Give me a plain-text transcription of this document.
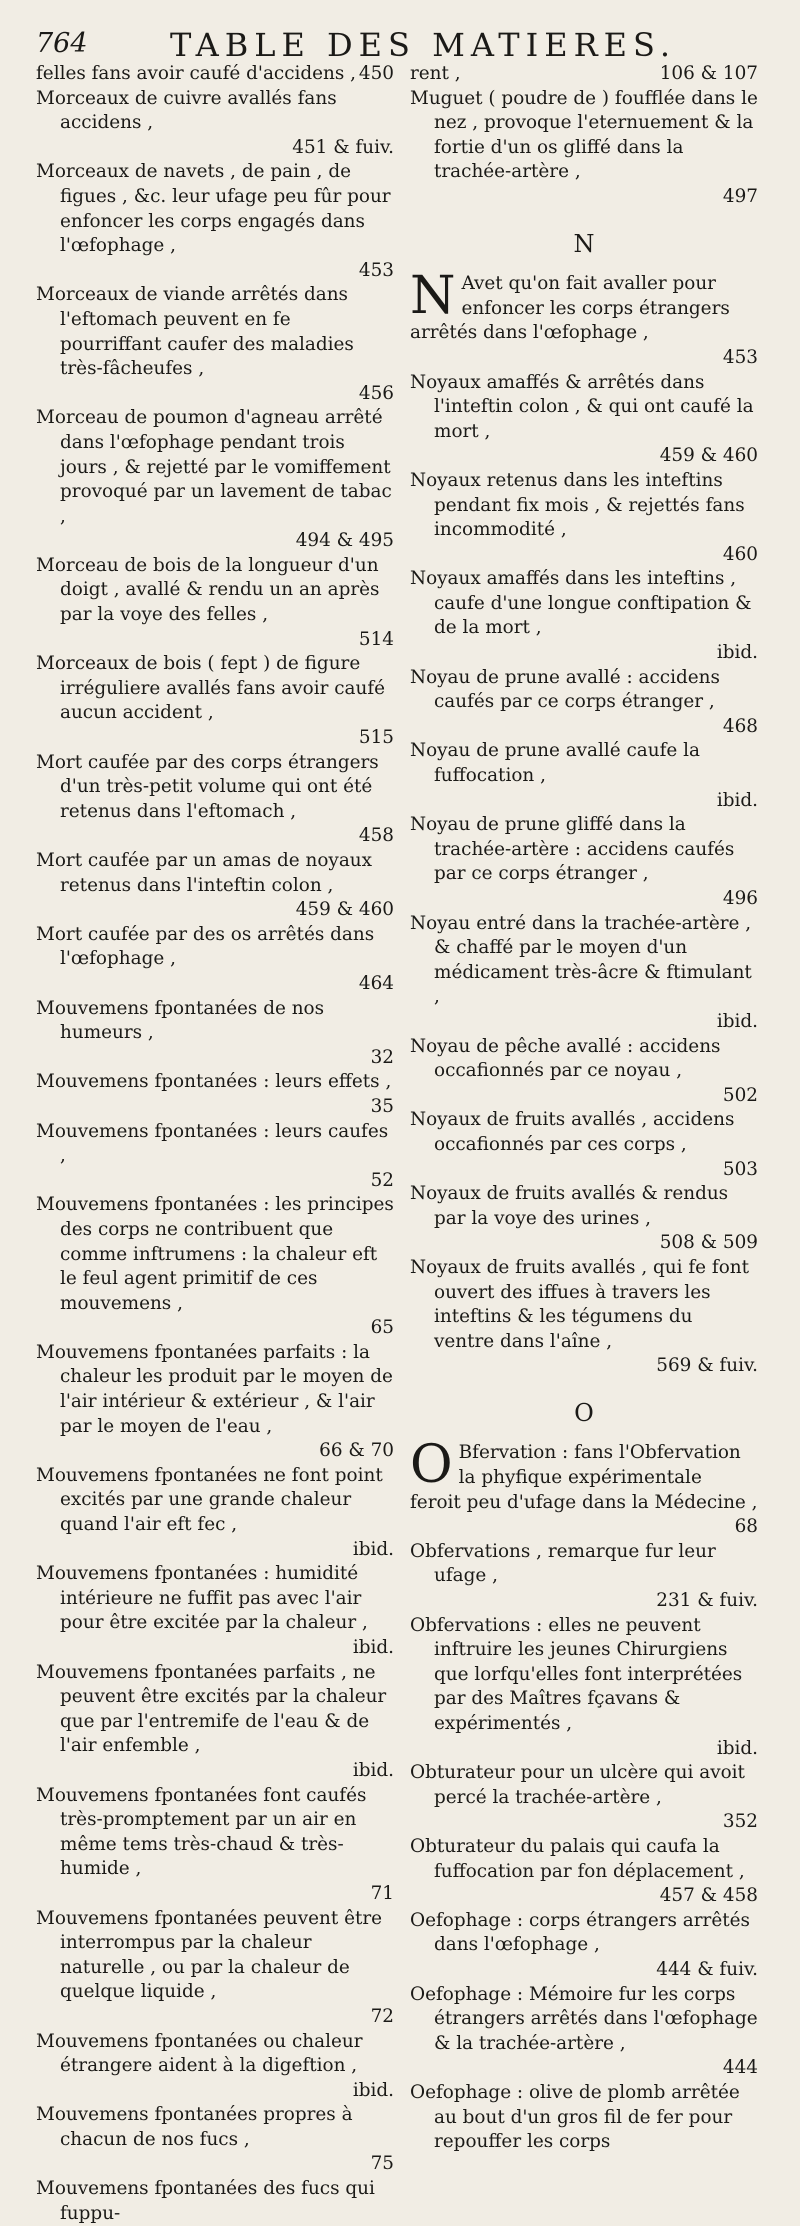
764	TABLE DES MATIERES.

felles fans avoir caufé d'accidens , 450

Morceaux de cuivre avallés fans accidens ,
451 & fuiv.

Morceaux de navets , de pain , de figues , &c. leur ufage peu fûr pour enfoncer les corps engagés dans l'œfophage ,
453

Morceaux de viande arrêtés dans l'eftomach peuvent en fe pourriffant caufer des maladies très-fâcheufes ,
456

Morceau de poumon d'agneau arrêté dans l'œfophage pendant trois jours , & rejetté par le vomiffement provoqué par un lavement de tabac ,
494 & 495

Morceau de bois de la longueur d'un doigt , avallé & rendu un an après par la voye des felles ,
514

Morceaux de bois ( fept ) de figure irréguliere avallés fans avoir caufé aucun accident ,
515

Mort caufée par des corps étrangers d'un très-petit volume qui ont été retenus dans l'eftomach ,
458

Mort caufée par un amas de noyaux retenus dans l'inteftin colon ,
459 & 460

Mort caufée par des os arrêtés dans l'œfophage ,
464

Mouvemens fpontanées de nos humeurs ,
32

Mouvemens fpontanées : leurs effets ,
35

Mouvemens fpontanées : leurs caufes ,
52

Mouvemens fpontanées : les principes des corps ne contribuent que comme inftrumens : la chaleur eft le feul agent primitif de ces mouvemens ,
65

Mouvemens fpontanées parfaits : la chaleur les produit par le moyen de l'air intérieur & extérieur , & l'air par le moyen de l'eau ,
66 & 70

Mouvemens fpontanées ne font point excités par une grande chaleur quand l'air eft fec ,
ibid.

Mouvemens fpontanées : humidité intérieure ne fuffit pas avec l'air pour être excitée par la chaleur ,
ibid.

Mouvemens fpontanées parfaits , ne peuvent être excités par la chaleur que par l'entremife de l'eau & de l'air enfemble ,
ibid.

Mouvemens fpontanées font caufés très-promptement par un air en même tems très-chaud & très-humide ,
71

Mouvemens fpontanées peuvent être interrompus par la chaleur naturelle , ou par la chaleur de quelque liquide ,
72

Mouvemens fpontanées ou chaleur étrangere aident à la digeftion ,
ibid.

Mouvemens fpontanées propres à chacun de nos fucs ,
75

Mouvemens fpontanées des fucs qui fuppu-

rent ,	106 & 107

Muguet ( poudre de ) foufflée dans le nez , provoque l'eternuement & la fortie d'un os gliffé dans la trachée-artère ,
497

N

N Avet qu'on fait avaller pour enfoncer les corps étrangers arrêtés dans l'œfophage ,
453

Noyaux amaffés & arrêtés dans l'inteftin colon , & qui ont caufé la mort ,
459 & 460

Noyaux retenus dans les inteftins pendant fix mois , & rejettés fans incommodité ,
460

Noyaux amaffés dans les inteftins , caufe d'une longue conftipation & de la mort ,
ibid.

Noyau de prune avallé : accidens caufés par ce corps étranger ,
468

Noyau de prune avallé caufe la fuffocation ,
ibid.

Noyau de prune gliffé dans la trachée-artère : accidens caufés par ce corps étranger ,
496

Noyau entré dans la trachée-artère , & chaffé par le moyen d'un médicament très-âcre & ftimulant ,
ibid.

Noyau de pêche avallé : accidens occafionnés par ce noyau ,
502

Noyaux de fruits avallés , accidens occafionnés par ces corps ,
503

Noyaux de fruits avallés & rendus par la voye des urines ,
508 & 509

Noyaux de fruits avallés , qui fe font ouvert des iffues à travers les inteftins & les tégumens du ventre dans l'aîne ,
569 & fuiv.

O

O Bfervation : fans l'Obfervation la phyfique expérimentale feroit peu d'ufage dans la Médecine ,
68

Obfervations , remarque fur leur ufage ,
231 & fuiv.

Obfervations : elles ne peuvent inftruire les jeunes Chirurgiens que lorfqu'elles font interprétées par des Maîtres fçavans & expérimentés ,
ibid.

Obturateur pour un ulcère qui avoit percé la trachée-artère ,
352

Obturateur du palais qui caufa la fuffocation par fon déplacement ,
457 & 458

Oefophage : corps étrangers arrêtés dans l'œfophage ,
444 & fuiv.

Oefophage : Mémoire fur les corps étrangers arrêtés dans l'œfophage & la trachée-artère ,
444

Oefophage : olive de plomb arrêtée au bout d'un gros fil de fer pour repouffer les corps
